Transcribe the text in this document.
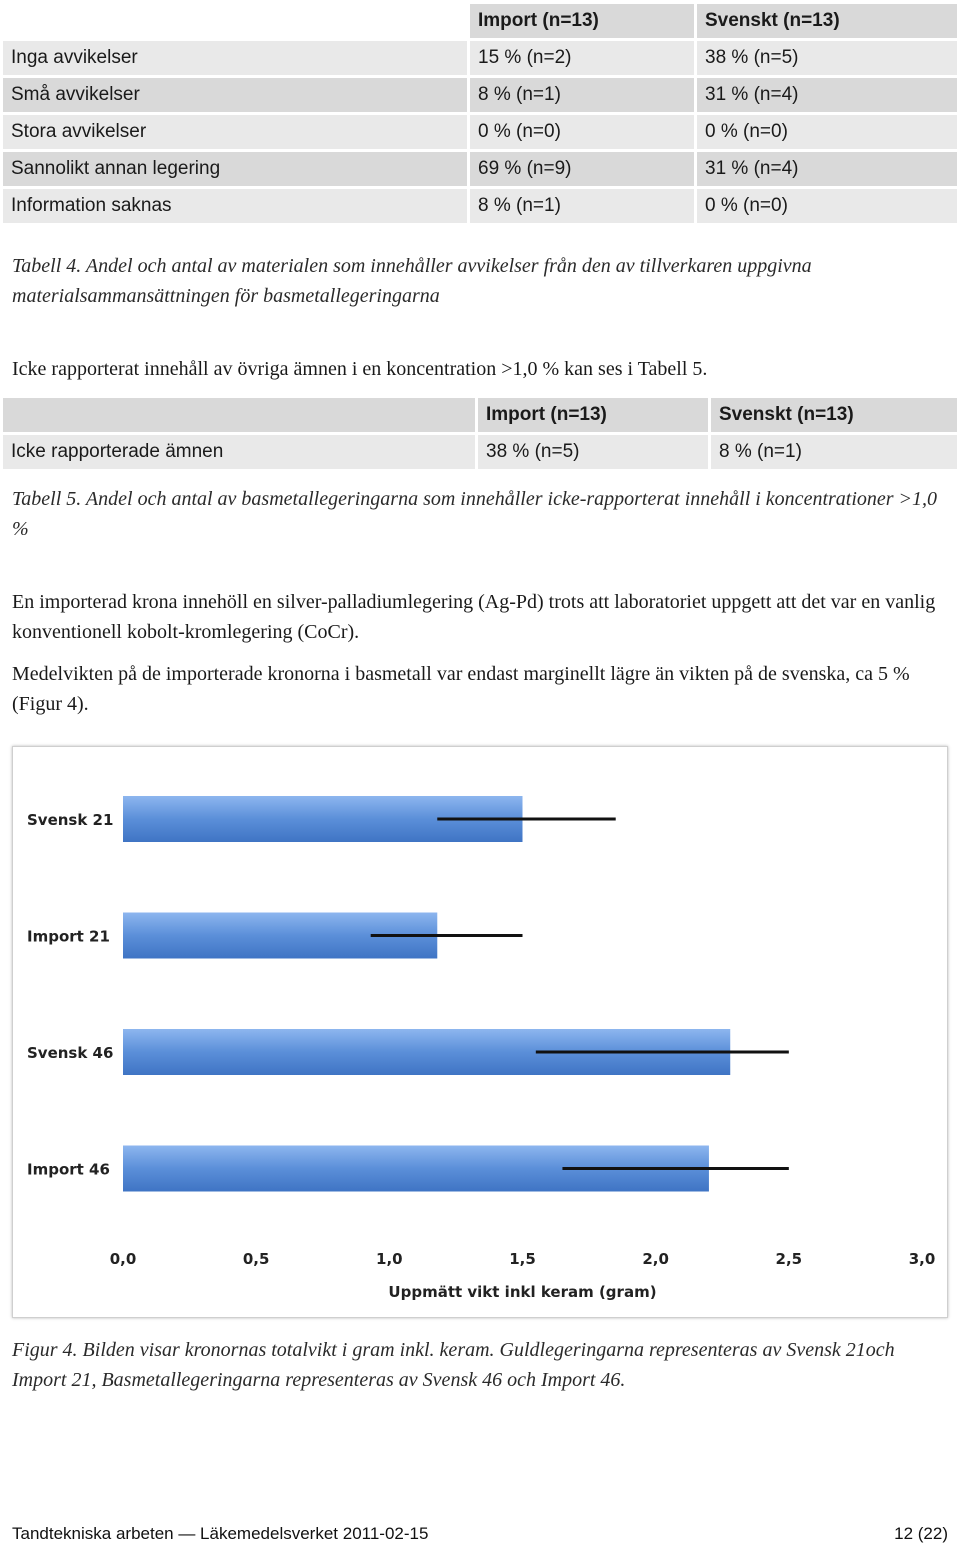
	Import (n=13)	Svenskt (n=13)
Inga avvikelser	15 % (n=2)	38 % (n=5)
Små avvikelser	8 % (n=1)	31 % (n=4)
Stora avvikelser	0 % (n=0)	0 % (n=0)
Sannolikt annan legering	69 % (n=9)	31 % (n=4)
Information saknas	8 % (n=1)	0 % (n=0)
Tabell 4. Andel och antal av materialen som innehåller avvikelser från den av tillverkaren uppgivna materialsammansättningen för basmetallegeringarna
Icke rapporterat innehåll av övriga ämnen i en koncentration >1,0 % kan ses i Tabell 5.
	Import (n=13)	Svenskt (n=13)
Icke rapporterade ämnen	38 % (n=5)	8 % (n=1)
Tabell 5. Andel och antal av basmetallegeringarna som innehåller icke-rapporterat innehåll i koncentrationer >1,0 %
En importerad krona innehöll en silver-palladiumlegering (Ag-Pd) trots att laboratoriet uppgett att det var en vanlig konventionell kobolt-kromlegering (CoCr).
Medelvikten på de importerade kronorna i basmetall var endast marginellt lägre än vikten på de svenska, ca 5 % (Figur 4).
Svensk 21
Import 21
Svensk 46
Import 46
0,0	0,5	1,0	1,5	2,0	2,5	3,0
Uppmätt vikt inkl keram (gram)
Figur 4. Bilden visar kronornas totalvikt i gram inkl. keram. Guldlegeringarna representeras av Svensk 21och Import 21, Basmetallegeringarna representeras av Svensk 46 och Import 46.
Tandtekniska arbeten — Läkemedelsverket 2011-02-15	12 (22)
